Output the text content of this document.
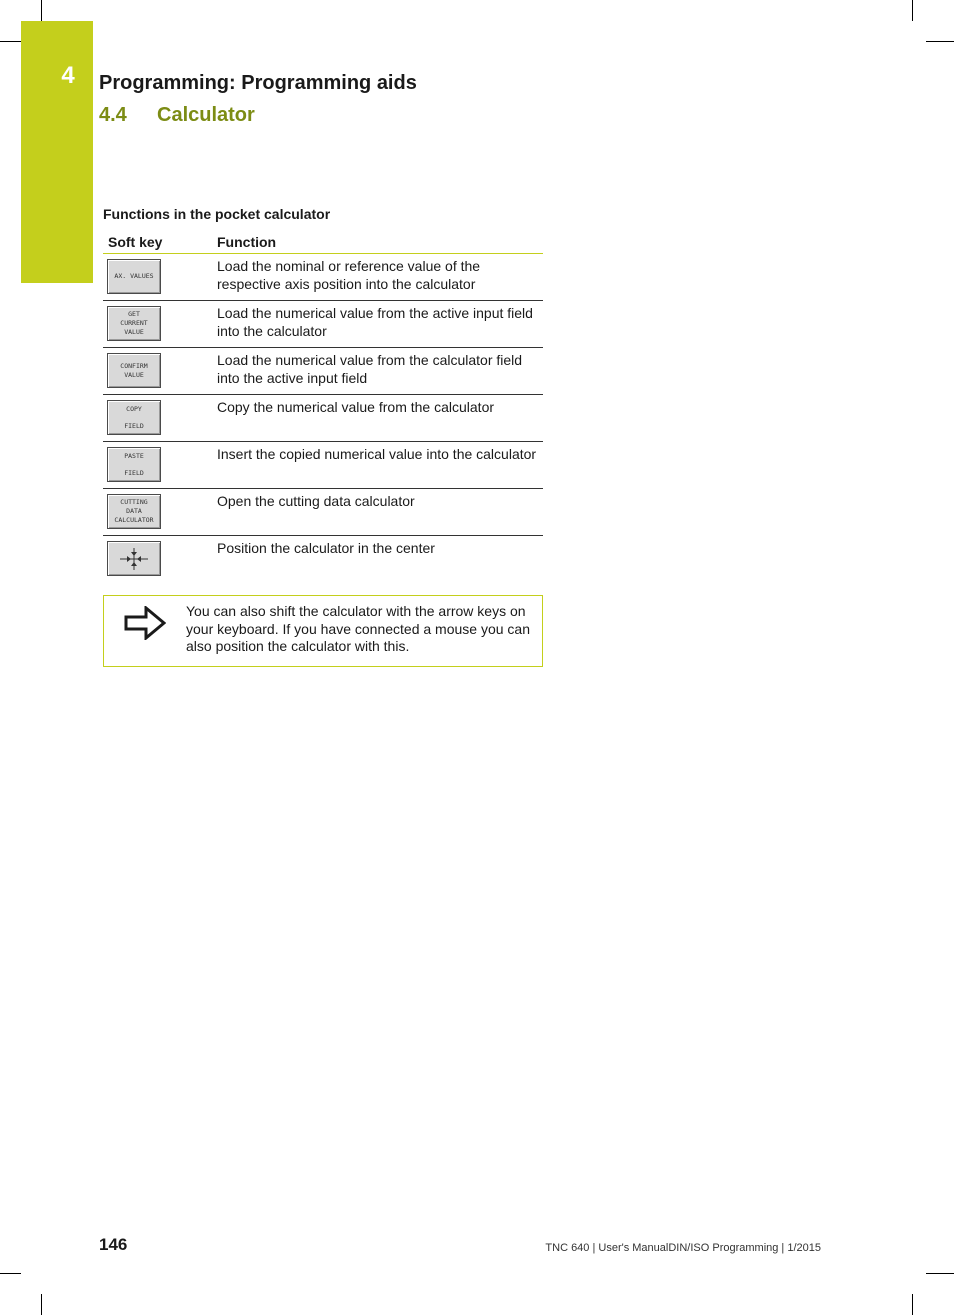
4 Programming: Programming aids
4.4 Calculator
Functions in the pocket calculator
Soft key	Function
AX. VALUES
Load the nominal or reference value of the respective axis position into the calculator
GET
CURRENT
VALUE
Load the numerical value from the active input field into the calculator
CONFIRM
VALUE
Load the numerical value from the calculator field into the active input field
COPY
FIELD
Copy the numerical value from the calculator
PASTE
FIELD
Insert the copied numerical value into the calculator
CUTTING
DATA
CALCULATOR
Open the cutting data calculator
Position the calculator in the center
You can also shift the calculator with the arrow keys on your keyboard. If you have connected a mouse you can also position the calculator with this.
146	TNC 640 | User's ManualDIN/ISO Programming | 1/2015
